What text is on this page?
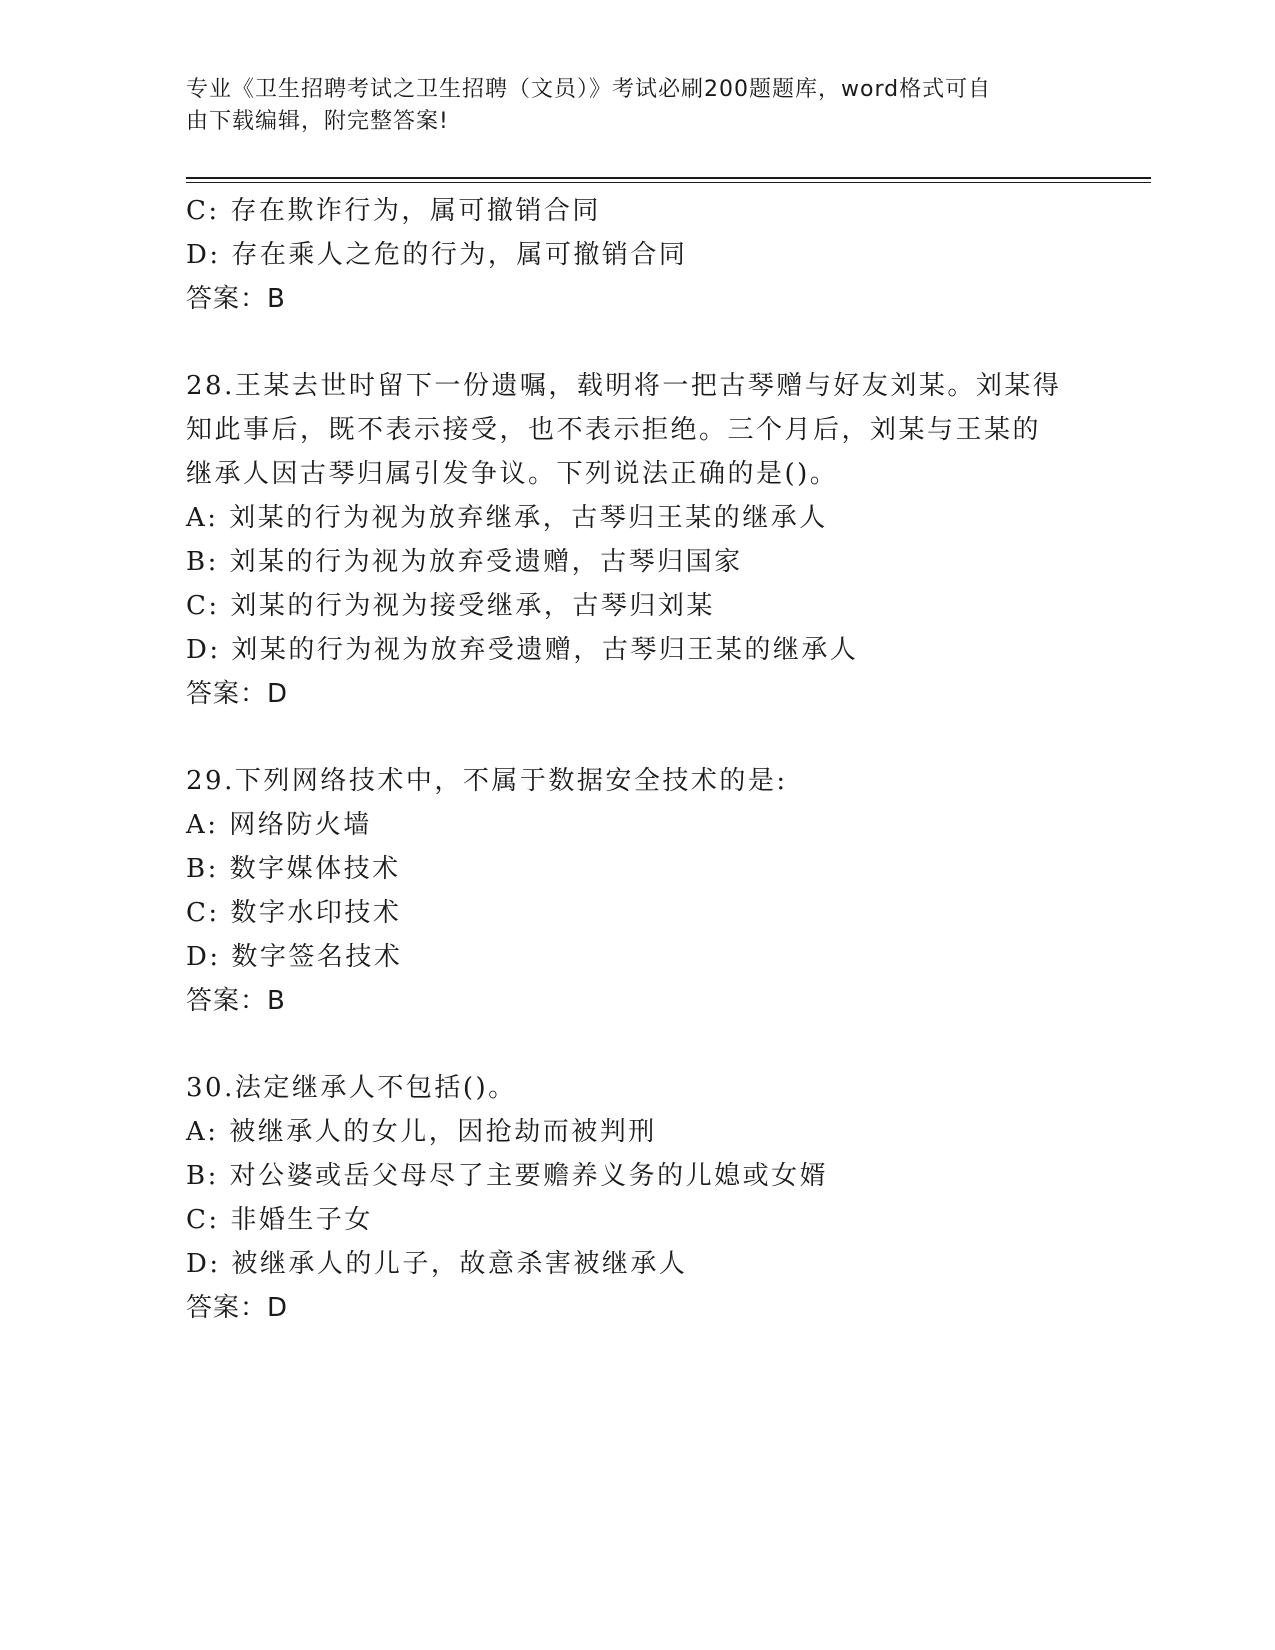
专业《卫生招聘考试之卫生招聘（文员）》考试必刷200题题库，word格式可自
由下载编辑，附完整答案!
C: 存在欺诈行为，属可撤销合同
D: 存在乘人之危的行为，属可撤销合同
答案：B
28.王某去世时留下一份遗嘱，载明将一把古琴赠与好友刘某。刘某得
知此事后，既不表示接受，也不表示拒绝。三个月后，刘某与王某的
继承人因古琴归属引发争议。下列说法正确的是()。
A: 刘某的行为视为放弃继承，古琴归王某的继承人
B: 刘某的行为视为放弃受遗赠，古琴归国家
C: 刘某的行为视为接受继承，古琴归刘某
D: 刘某的行为视为放弃受遗赠，古琴归王某的继承人
答案：D
29.下列网络技术中，不属于数据安全技术的是:
A: 网络防火墙
B: 数字媒体技术
C: 数字水印技术
D: 数字签名技术
答案：B
30.法定继承人不包括()。
A: 被继承人的女儿，因抢劫而被判刑
B: 对公婆或岳父母尽了主要赡养义务的儿媳或女婿
C: 非婚生子女
D: 被继承人的儿子，故意杀害被继承人
答案：D
